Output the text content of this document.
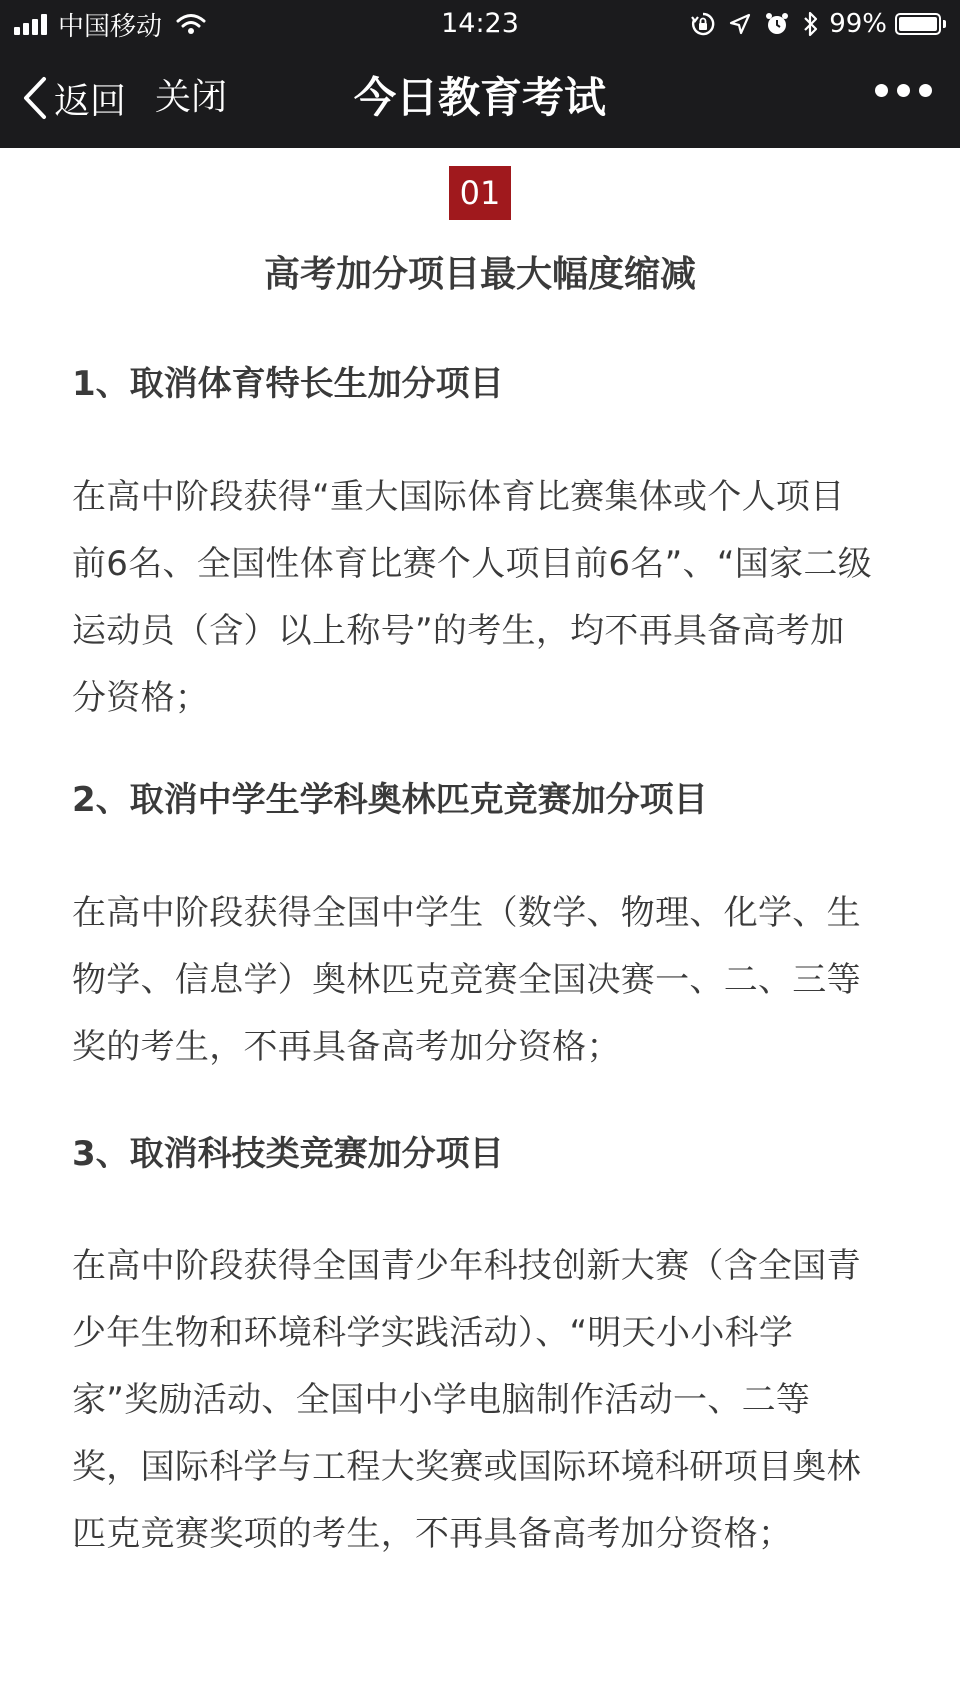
中国移动	14:23	99%
返回 关闭	今日教育考试
01
高考加分项目最大幅度缩减
1、取消体育特长生加分项目

在高中阶段获得“重大国际体育比赛集体或个人项目
前6名、全国性体育比赛个人项目前6名”、“国家二级
运动员（含）以上称号”的考生，均不再具备高考加
分资格；

2、取消中学生学科奥林匹克竞赛加分项目

在高中阶段获得全国中学生（数学、物理、化学、生
物学、信息学）奥林匹克竞赛全国决赛一、二、三等
奖的考生，不再具备高考加分资格；

3、取消科技类竞赛加分项目

在高中阶段获得全国青少年科技创新大赛（含全国青
少年生物和环境科学实践活动）、“明天小小科学
家”奖励活动、全国中小学电脑制作活动一、二等
奖，国际科学与工程大奖赛或国际环境科研项目奥林
匹克竞赛奖项的考生，不再具备高考加分资格；
